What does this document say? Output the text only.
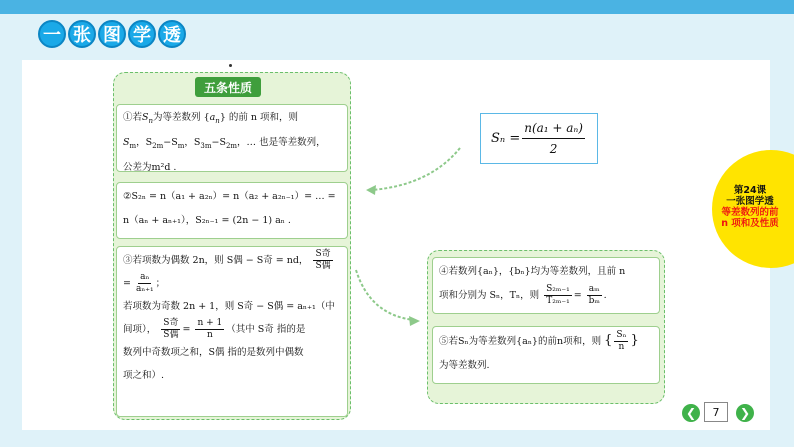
一 张 图 学 透
五条性质
①若$S_n$为等差数列 $\{a_n\}$ 的前 n 项和，则
$S_m$，$S_{2m}-S_m$，$S_{3m}-S_{2m}$，… 也是等差数列，
公差为m²d .
②S₂ₙ = n（a₁ + a₂ₙ）= n（a₂ + a₂ₙ₋₁）= … =
n（aₙ + aₙ₊₁），S₂ₙ₋₁ = (2n − 1) aₙ .
③若项数为偶数 2n，则 S偶 − S奇 = nd， $\frac{\text{S奇}}{\text{S偶}}$
= $\frac{\text{aₙ}}{\text{aₙ₊₁}}$ ；
若项数为奇数 2n + 1，则 S奇 − S偶 = aₙ₊₁（中
间项）， $\frac{\text{S奇}}{\text{S偶}} = \frac{n + 1}{n}$ （其中 S奇 指的是
数列中奇数项之和，S偶 指的是数列中偶数
项之和）.
$S_n = \frac{\text{n(a₁ + aₙ)}}{2}$
④若数列{aₙ}，{bₙ}均为等差数列，且前 n
项和分别为 Sₙ，Tₙ，则 $\frac{\text{S₂ₘ₋₁}}{\text{T₂ₘ₋₁}} = \frac{\text{aₘ}}{\text{bₘ}}$ .
⑤若Sₙ为等差数列{aₙ}的前n项和，则 { $\frac{\text{Sₙ}}{n}$ }
为等差数列.
第24课
一张图学透
等差数列的前
n 项和及性质
❮	7	❯
